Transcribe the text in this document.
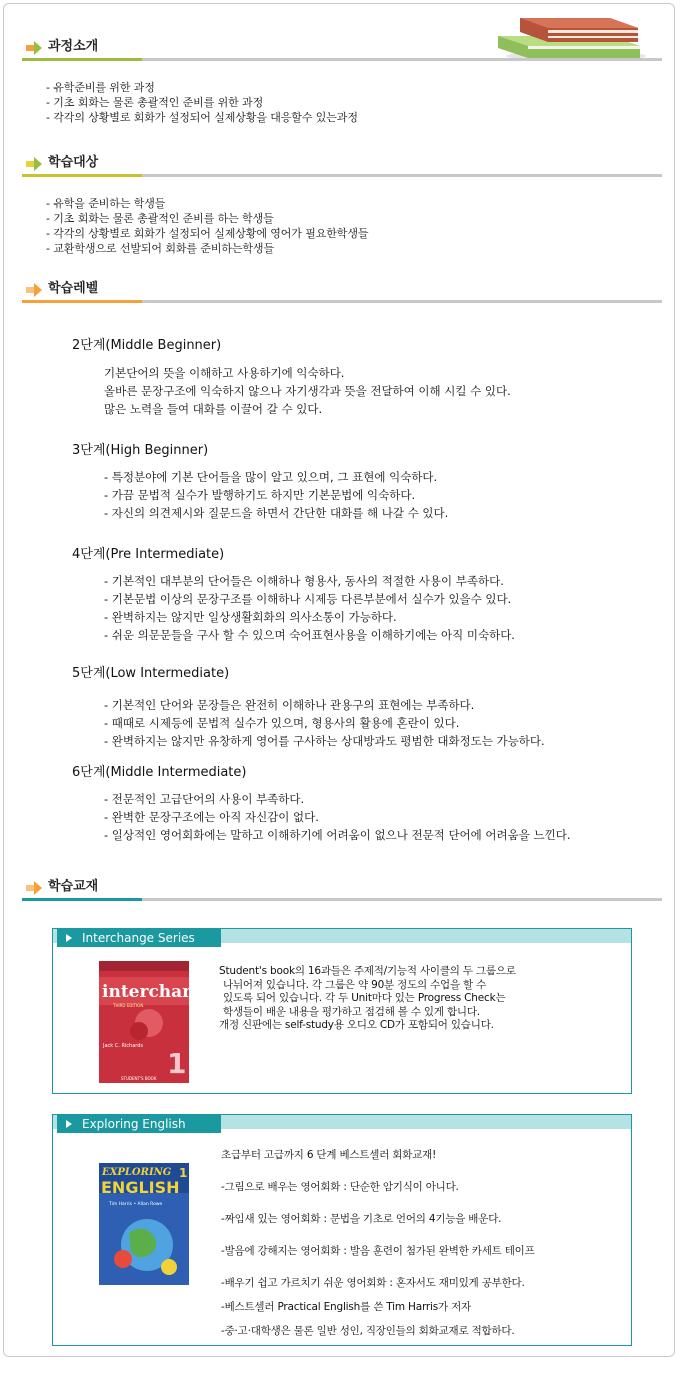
과정소개
- 유학준비를 위한 과정
- 기초 회화는 물론 총괄적인 준비를 위한 과정
- 각각의 상황별로 회화가 설정되어 실제상황을 대응할수 있는과정
학습대상
- 유학을 준비하는 학생들
- 기초 회화는 물론 총괄적인 준비를 하는 학생들
- 각각의 상황별로 회화가 설정되어 실제상황에 영어가 필요한학생들
- 교환학생으로 선발되어 회화를 준비하는학생들
학습레벨
2단계(Middle Beginner)
기본단어의 뜻을 이해하고 사용하기에 익숙하다.
올바른 문장구조에 익숙하지 않으나 자기생각과 뜻을 전달하여 이해 시킬 수 있다.
많은 노력을 들여 대화를 이끌어 갈 수 있다.
3단계(High Beginner)
- 특정분야에 기본 단어들을 많이 알고 있으며, 그 표현에 익숙하다.
- 가끔 문법적 실수가 발행하기도 하지만 기본문법에 익숙하다.
- 자신의 의견제시와 질문드을 하면서 간단한 대화를 해 나갈 수 있다.
4단계(Pre Intermediate)
- 기본적인 대부분의 단어들은 이해하나 형용사, 동사의 적절한 사용이 부족하다.
- 기본문법 이상의 문장구조를 이해하나 시제등 다른부분에서 실수가 있을수 있다.
- 완벽하지는 않지만 일상생활회화의 의사소통이 가능하다.
- 쉬운 의문문들을 구사 할 수 있으며 숙어표현사용을 이해하기에는 아직 미숙하다.
5단계(Low Intermediate)
- 기본적인 단어와 문장들은 완전히 이해하나 관용구의 표현에는 부족하다.
- 때때로 시제등에 문법적 실수가 있으며, 형용사의 활용에 혼란이 있다.
- 완벽하지는 않지만 유창하게 영어를 구사하는 상대방과도 평범한 대화정도는 가능하다.
6단계(Middle Intermediate)
- 전문적인 고급단어의 사용이 부족하다.
- 완벽한 문장구조에는 아직 자신감이 없다.
- 일상적인 영어회화에는 말하고 이해하기에 어려움이 없으나 전문적 단어에 어려움을 느낀다.
학습교재
Interchange Series
interchange
THIRD EDITION
Jack C. Richards
1
STUDENT'S BOOK
Student's book의 16과들은 주제적/기능적 사이클의 두 그룹으로
나뉘어져 있습니다. 각 그룹은 약 90분 정도의 수업을 할 수
있도록 되어 있습니다. 각 두 Unit마다 있는 Progress Check는
학생들이 배운 내용을 평가하고 점검해 볼 수 있게 합니다.
개정 신판에는 self-study용 오디오 CD가 포함되어 있습니다.
Exploring English
EXPLORING
ENGLISH
1
Tim Harris • Allan Rowe
초급부터 고급까지 6 단계 베스트셀러 회화교재!
-그림으로 배우는 영어회화 : 단순한 암기식이 아니다.
-짜임새 있는 영어회화 : 문법을 기초로 언어의 4기능을 배운다.
-발음에 강해지는 영어회화 : 발음 훈련이 첨가된 완벽한 카세트 테이프
-배우기 쉽고 가르치기 쉬운 영어회화 : 혼자서도 재미있게 공부한다.
-베스트셀러 Practical English를 쓴 Tim Harris가 저자
-중·고·대학생은 물론 일반 성인, 직장인들의 회화교재로 적합하다.
